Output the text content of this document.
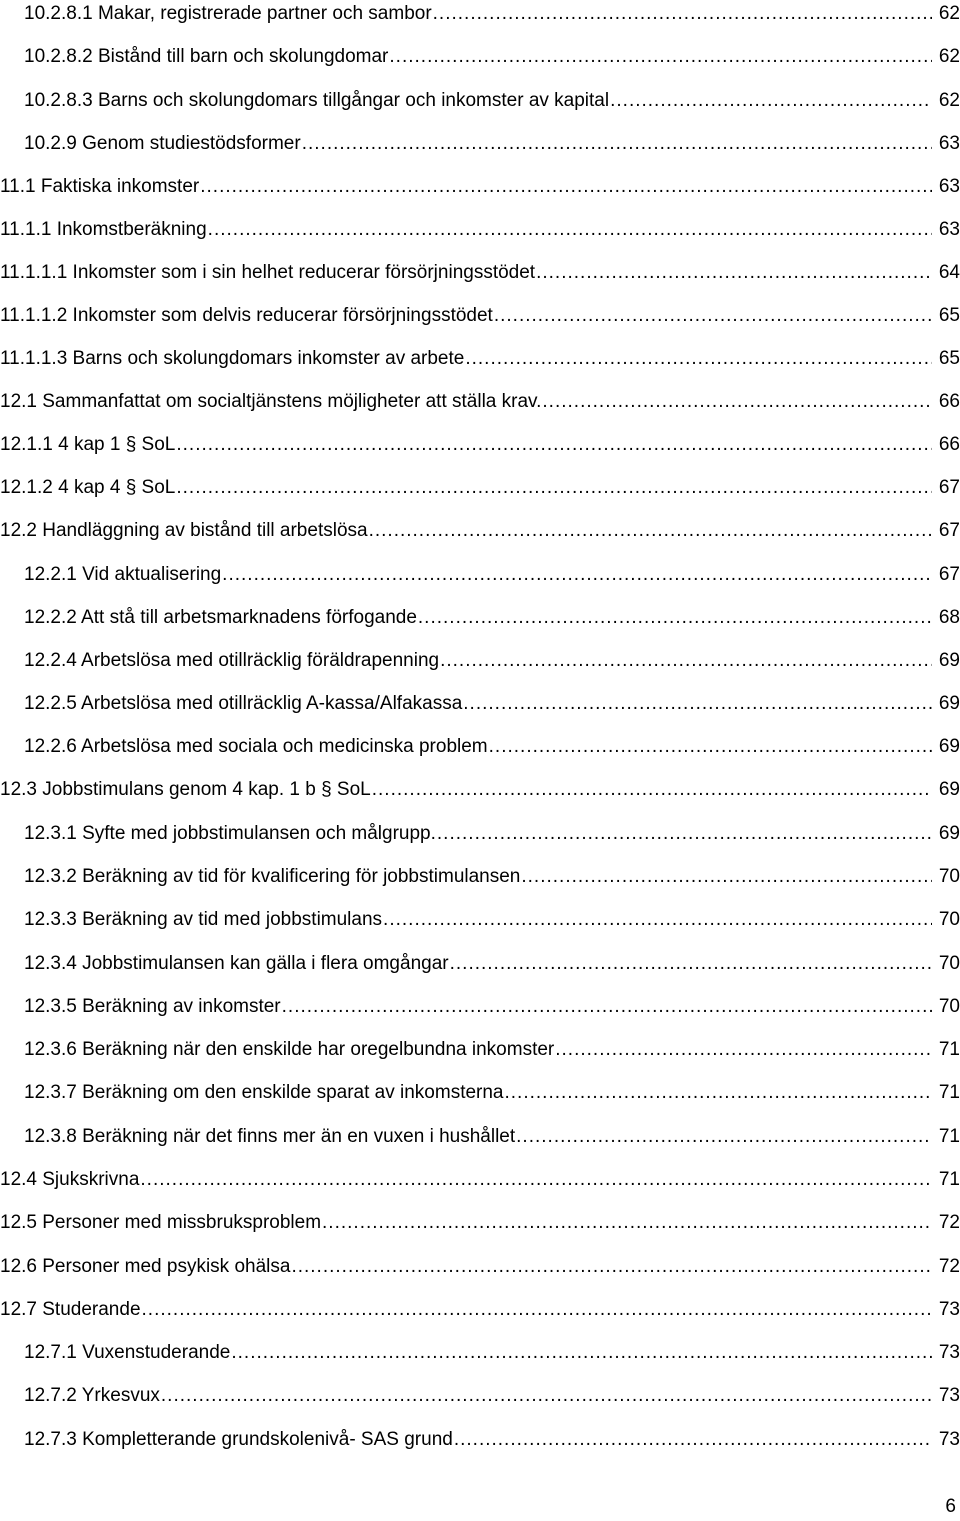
10.2.8.1 Makar, registrerade partner och sambor .....	62
10.2.8.2 Bistånd till barn och skolungdomar .....	62
10.2.8.3 Barns och skolungdomars tillgångar och inkomster av kapital .....	62
10.2.9 Genom studiestödsformer .....	63
11.1 Faktiska inkomster .....	63
11.1.1 Inkomstberäkning .....	63
11.1.1.1 Inkomster som i sin helhet reducerar försörjningsstödet .....	64
11.1.1.2 Inkomster som delvis reducerar försörjningsstödet .....	65
11.1.1.3 Barns och skolungdomars inkomster av arbete .....	65
12.1 Sammanfattat om socialtjänstens möjligheter att ställa krav. .....	66
12.1.1 4 kap 1 § SoL .....	66
12.1.2 4 kap 4 § SoL .....	67
12.2 Handläggning av bistånd till arbetslösa .....	67
12.2.1 Vid aktualisering .....	67
12.2.2 Att stå till arbetsmarknadens förfogande .....	68
12.2.4 Arbetslösa med otillräcklig föräldrapenning .....	69
12.2.5 Arbetslösa med otillräcklig A-kassa/Alfakassa .....	69
12.2.6 Arbetslösa med sociala och medicinska problem .....	69
12.3 Jobbstimulans genom 4 kap. 1 b § SoL .....	69
12.3.1 Syfte med jobbstimulansen och målgrupp. .....	69
12.3.2 Beräkning av tid för kvalificering för jobbstimulansen .....	70
12.3.3 Beräkning av tid med jobbstimulans .....	70
12.3.4 Jobbstimulansen kan gälla i flera omgångar .....	70
12.3.5 Beräkning av inkomster .....	70
12.3.6 Beräkning när den enskilde har oregelbundna inkomster .....	71
12.3.7 Beräkning om den enskilde sparat av inkomsterna .....	71
12.3.8 Beräkning när det finns mer än en vuxen i hushållet .....	71
12.4 Sjukskrivna .....	71
12.5 Personer med missbruksproblem .....	72
12.6 Personer med psykisk ohälsa .....	72
12.7 Studerande .....	73
12.7.1 Vuxenstuderande .....	73
12.7.2 Yrkesvux .....	73
12.7.3 Kompletterande grundskolenivå- SAS grund .....	73
6
